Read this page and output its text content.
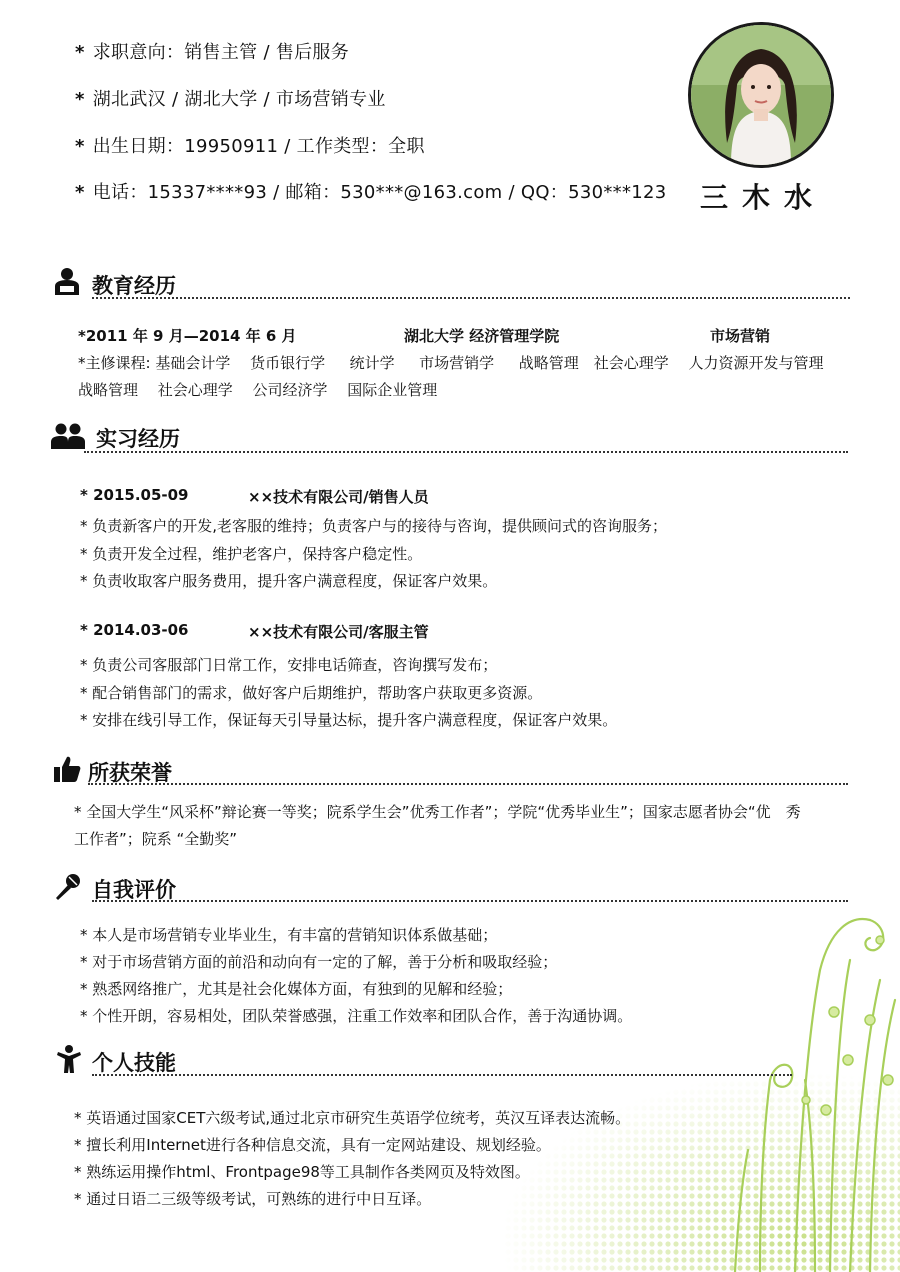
* 求职意向：销售主管 / 售后服务
* 湖北武汉 / 湖北大学 / 市场营销专业
* 出生日期：19950911 / 工作类型：全职
* 电话：15337****93 / 邮箱：530***@163.com / QQ：530***123 三木水
教育经历
*2011 年 9 月—2014 年 6 月	湖北大学 经济管理学院	市场营销
*主修课程: 基础会计学　 货币银行学 　 统计学 　 市场营销学 　 战略管理　社会心理学 　人力资源开发与管理
战略管理 　社会心理学 　公司经济学 　国际企业管理
实习经历
* 2015.05-09	××技术有限公司/销售人员
* 负责新客户的开发,老客服的维持；负责客户与的接待与咨询，提供顾问式的咨询服务；
* 负责开发全过程，维护老客户，保持客户稳定性。
* 负责收取客户服务费用，提升客户满意程度，保证客户效果。
* 2014.03-06	××技术有限公司/客服主管
* 负责公司客服部门日常工作，安排电话筛查，咨询撰写发布；
* 配合销售部门的需求，做好客户后期维护，帮助客户获取更多资源。
* 安排在线引导工作，保证每天引导量达标，提升客户满意程度，保证客户效果。
所获荣誉
* 全国大学生“风采杯”辩论赛一等奖；院系学生会”优秀工作者”；学院“优秀毕业生”；国家志愿者协会“优　秀
工作者”；院系 “全勤奖”
自我评价
* 本人是市场营销专业毕业生，有丰富的营销知识体系做基础；
* 对于市场营销方面的前沿和动向有一定的了解，善于分析和吸取经验；
* 熟悉网络推广，尤其是社会化媒体方面，有独到的见解和经验；
* 个性开朗，容易相处，团队荣誉感强，注重工作效率和团队合作，善于沟通协调。
个人技能
* 英语通过国家CET六级考试,通过北京市研究生英语学位统考，英汉互译表达流畅。
* 擅长利用Internet进行各种信息交流，具有一定网站建设、规划经验。
* 熟练运用操作html、Frontpage98等工具制作各类网页及特效图。
* 通过日语二三级等级考试，可熟练的进行中日互译。
